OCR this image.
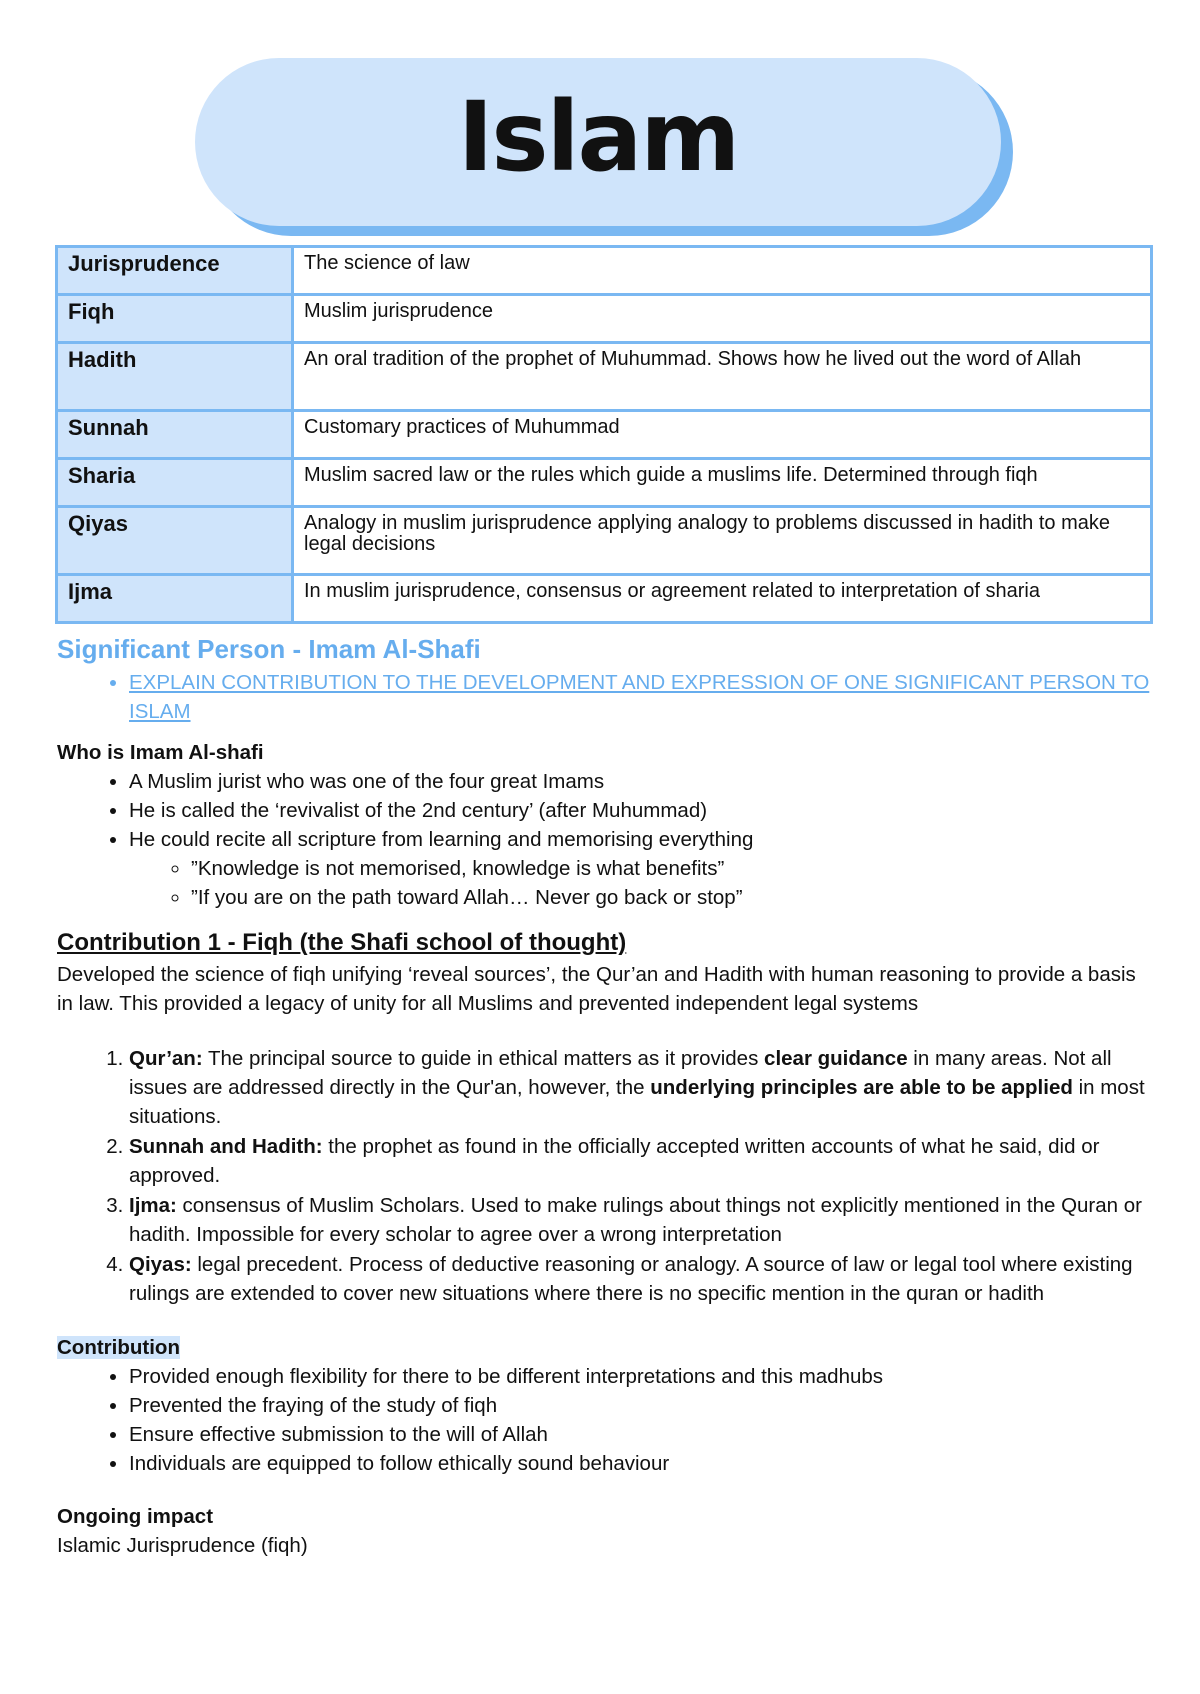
Islam
Jurisprudence	The science of law
Fiqh	Muslim jurisprudence
Hadith	An oral tradition of the prophet of Muhummad. Shows how he lived out the word of Allah
Sunnah	Customary practices of Muhummad
Sharia	Muslim sacred law or the rules which guide a muslims life. Determined through fiqh
Qiyas	Analogy in muslim jurisprudence applying analogy to problems discussed in hadith to make legal decisions
Ijma	In muslim jurisprudence, consensus or agreement related to interpretation of sharia
Significant Person - Imam Al-Shafi
• EXPLAIN CONTRIBUTION TO THE DEVELOPMENT AND EXPRESSION OF ONE SIGNIFICANT PERSON TO ISLAM
Who is Imam Al-shafi
• A Muslim jurist who was one of the four great Imams
• He is called the ‘revivalist of the 2nd century’ (after Muhummad)
• He could recite all scripture from learning and memorising everything
◦ ”Knowledge is not memorised, knowledge is what benefits”
◦ ”If you are on the path toward Allah… Never go back or stop”
Contribution 1 - Fiqh (the Shafi school of thought)

Developed the science of fiqh unifying ‘reveal sources’, the Qur’an and Hadith with human reasoning to provide a basis in law. This provided a legacy of unity for all Muslims and prevented independent legal systems

1. Qur’an: The principal source to guide in ethical matters as it provides clear guidance in many areas. Not all issues are addressed directly in the Qur'an, however, the underlying principles are able to be applied in most situations.
2. Sunnah and Hadith: the prophet as found in the officially accepted written accounts of what he said, did or approved.
3. Ijma: consensus of Muslim Scholars. Used to make rulings about things not explicitly mentioned in the Quran or hadith. Impossible for every scholar to agree over a wrong interpretation
4. Qiyas: legal precedent. Process of deductive reasoning or analogy. A source of law or legal tool where existing rulings are extended to cover new situations where there is no specific mention in the quran or hadith
Contribution
• Provided enough flexibility for there to be different interpretations and this madhubs
• Prevented the fraying of the study of fiqh
• Ensure effective submission to the will of Allah
• Individuals are equipped to follow ethically sound behaviour
Ongoing impact

Islamic Jurisprudence (fiqh)
